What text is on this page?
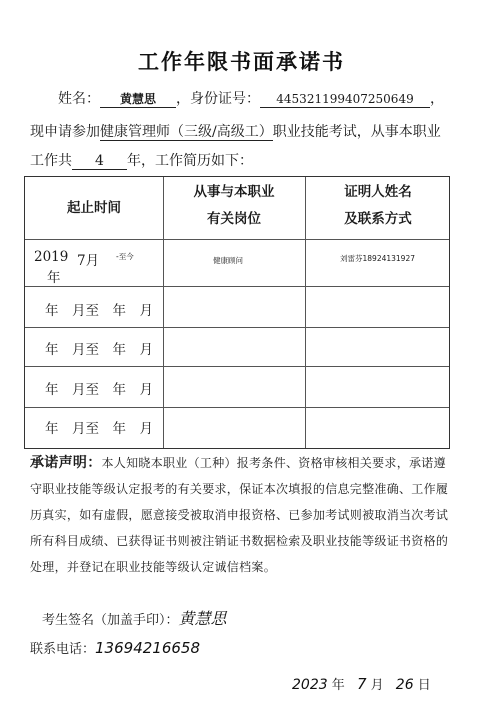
工作年限书面承诺书
姓名： 黄慧思 ，身份证号： 445321199407250649 ，
现申请参加健康管理师（三级/高级工）职业技能考试，从事本职业
工作共 4 年，工作简历如下：
起止时间
从事与本职业
有关岗位
证明人姓名
及联系方式
2019 7月 -至今
年
健康顾问	刘雷芬18924131927
年　月至　年　月
年　月至　年　月
年　月至　年　月
年　月至　年　月
承诺声明：本人知晓本职业（工种）报考条件、资格审核相关要求，承诺遵守职业技能等级认定报考的有关要求，保证本次填报的信息完整准确、工作履历真实，如有虚假，愿意接受被取消申报资格、已参加考试则被取消当次考试所有科目成绩、已获得证书则被注销证书数据检索及职业技能等级证书资格的处理，并登记在职业技能等级认定诚信档案。
考生签名（加盖手印）：黄慧思
联系电话：13694216658
2023 年 7 月 26 日
